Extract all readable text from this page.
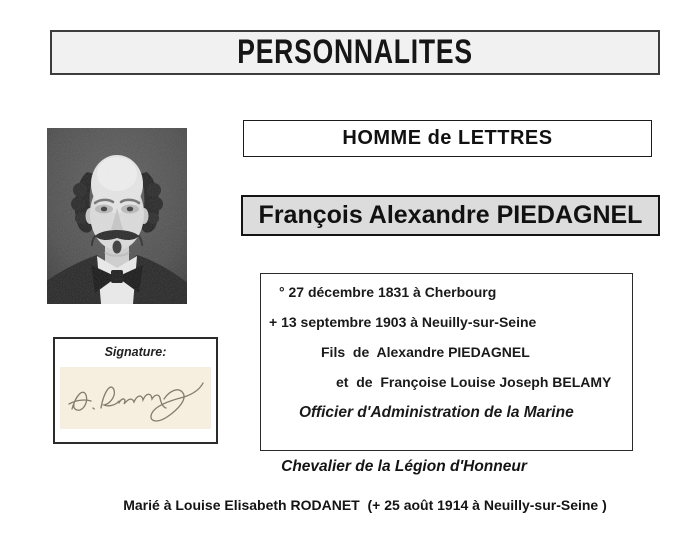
PERSONNALITES
HOMME de LETTRES
François Alexandre PIEDAGNEL
° 27 décembre 1831 à Cherbourg
+ 13 septembre 1903 à Neuilly-sur-Seine
Fils  de  Alexandre PIEDAGNEL
et  de  Françoise Louise Joseph BELAMY
Officier d'Administration de la Marine
Signature:
Chevalier de la Légion d'Honneur
Marié à Louise Elisabeth RODANET  (+ 25 août 1914 à Neuilly-sur-Seine )
